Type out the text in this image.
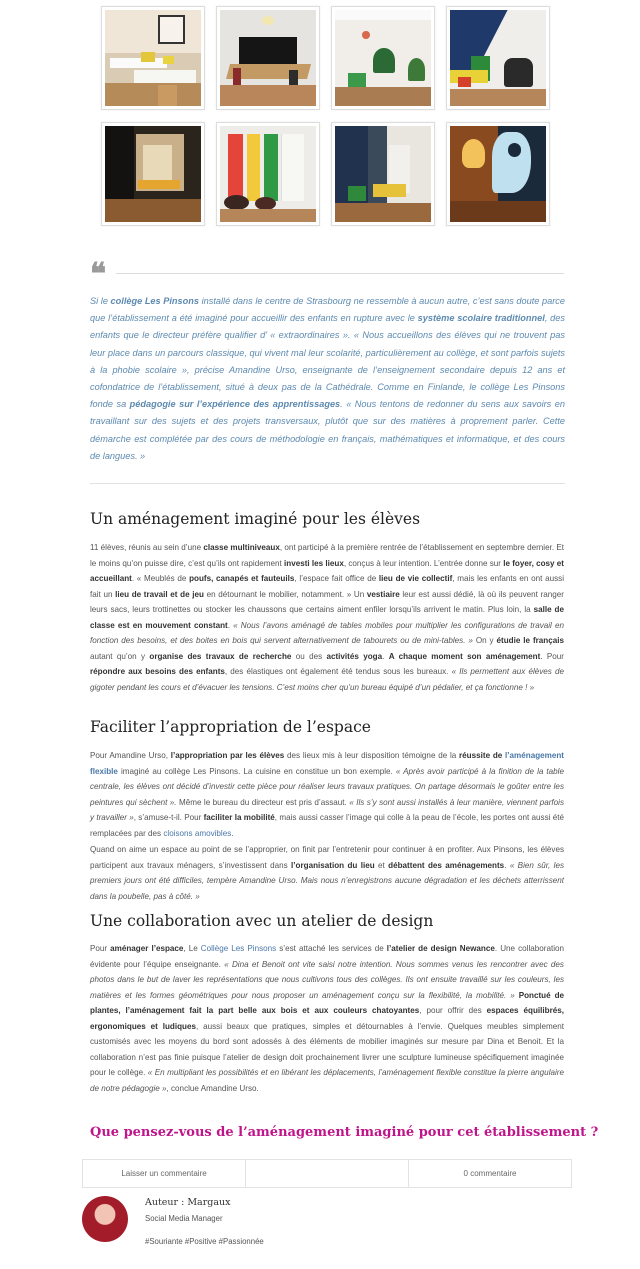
❝

Si le collège Les Pinsons installé dans le centre de Strasbourg ne ressemble à aucun autre, c’est sans doute parce que l’établissement a été imaginé pour accueillir des enfants en rupture avec le système scolaire traditionnel, des enfants que le directeur préfère qualifier d’ « extraordinaires ». « Nous accueillons des élèves qui ne trouvent pas leur place dans un parcours classique, qui vivent mal leur scolarité, particulièrement au collège, et sont parfois sujets à la phobie scolaire », précise Amandine Urso, enseignante de l’enseignement secondaire depuis 12 ans et cofondatrice de l’établissement, situé à deux pas de la Cathédrale. Comme en Finlande, le collège Les Pinsons fonde sa pédagogie sur l’expérience des apprentissages. « Nous tentons de redonner du sens aux savoirs en travaillant sur des sujets et des projets transversaux, plutôt que sur des matières à proprement parler. Cette démarche est complétée par des cours de méthodologie en français, mathématiques et informatique, et des cours de langues. »

Un aménagement imaginé pour les élèves

11 élèves, réunis au sein d’une classe multiniveaux, ont participé à la première rentrée de l’établissement en septembre dernier. Et le moins qu’on puisse dire, c’est qu’ils ont rapidement investi les lieux, conçus à leur intention. L’entrée donne sur le foyer, cosy et accueillant. « Meublés de poufs, canapés et fauteuils, l’espace fait office de lieu de vie collectif, mais les enfants en ont aussi fait un lieu de travail et de jeu en détournant le mobilier, notamment. » Un vestiaire leur est aussi dédié, là où ils peuvent ranger leurs sacs, leurs trottinettes ou stocker les chaussons que certains aiment enfiler lorsqu’ils arrivent le matin. Plus loin, la salle de classe est en mouvement constant. « Nous l’avons aménagé de tables mobiles pour multiplier les configurations de travail en fonction des besoins, et des boites en bois qui servent alternativement de tabourets ou de mini-tables. » On y étudie le français autant qu’on y organise des travaux de recherche ou des activités yoga. A chaque moment son aménagement. Pour répondre aux besoins des enfants, des élastiques ont également été tendus sous les bureaux. « Ils permettent aux élèves de gigoter pendant les cours et d’évacuer les tensions. C’est moins cher qu’un bureau équipé d’un pédalier, et ça fonctionne ! »

Faciliter l’appropriation de l’espace

Pour Amandine Urso, l’appropriation par les élèves des lieux mis à leur disposition témoigne de la réussite de l’aménagement flexible imaginé au collège Les Pinsons. La cuisine en constitue un bon exemple. « Après avoir participé à la finition de la table centrale, les élèves ont décidé d’investir cette pièce pour réaliser leurs travaux pratiques. On partage désormais le goûter entre les peintures qui sèchent ». Même le bureau du directeur est pris d’assaut. « Ils s’y sont aussi installés à leur manière, viennent parfois y travailler », s’amuse-t-il. Pour faciliter la mobilité, mais aussi casser l’image qui colle à la peau de l’école, les portes ont aussi été remplacées par des cloisons amovibles.

Quand on aime un espace au point de se l’approprier, on finit par l’entretenir pour continuer à en profiter. Aux Pinsons, les élèves participent aux travaux ménagers, s’investissent dans l’organisation du lieu et débattent des aménagements. « Bien sûr, les premiers jours ont été difficiles, tempère Amandine Urso. Mais nous n’enregistrons aucune dégradation et les déchets atterrissent dans la poubelle, pas à côté. »

Une collaboration avec un atelier de design

Pour aménager l’espace, Le Collège Les Pinsons s’est attaché les services de l’atelier de design Newance. Une collaboration évidente pour l’équipe enseignante. « Dina et Benoit ont vite saisi notre intention. Nous sommes venus les rencontrer avec des photos dans le but de laver les représentations que nous cultivons tous des collèges. Ils ont ensuite travaillé sur les couleurs, les matières et les formes géométriques pour nous proposer un aménagement conçu sur la flexibilité, la mobilité. » Ponctué de plantes, l’aménagement fait la part belle aux bois et aux couleurs chatoyantes, pour offrir des espaces équilibrés, ergonomiques et ludiques, aussi beaux que pratiques, simples et détournables à l’envie. Quelques meubles simplement customisés avec les moyens du bord sont adossés à des éléments de mobilier imaginés sur mesure par Dina et Benoit. Et la collaboration n’est pas finie puisque l’atelier de design doit prochainement livrer une sculpture lumineuse spécifiquement imaginée pour le collège. « En multipliant les possibilités et en libérant les déplacements, l’aménagement flexible constitue la pierre angulaire de notre pédagogie », conclue Amandine Urso.

Que pensez-vous de l’aménagement imaginé pour cet établissement ?
Laisser un commentaire	0 commentaire
Auteur : Margaux
Social Media Manager
#Souriante #Positive #Passionnée
